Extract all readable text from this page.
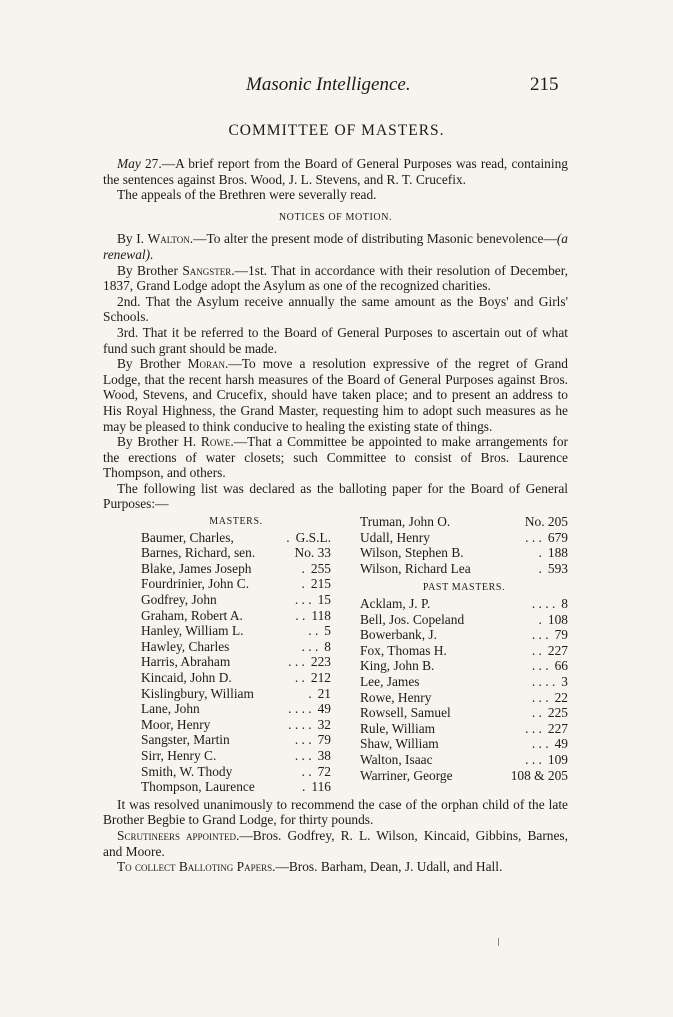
Masonic Intelligence.	215
COMMITTEE OF MASTERS.

May 27.—A brief report from the Board of General Purposes was read, containing the sentences against Bros. Wood, J. L. Stevens, and R. T. Crucefix.

The appeals of the Brethren were severally read.

NOTICES OF MOTION.

By I. Walton.—To alter the present mode of distributing Masonic benevolence—(a renewal).

By Brother Sangster.—1st. That in accordance with their resolution of December, 1837, Grand Lodge adopt the Asylum as one of the recognized charities.

2nd. That the Asylum receive annually the same amount as the Boys' and Girls' Schools.

3rd. That it be referred to the Board of General Purposes to ascertain out of what fund such grant should be made.

By Brother Moran.—To move a resolution expressive of the regret of Grand Lodge, that the recent harsh measures of the Board of General Purposes against Bros. Wood, Stevens, and Crucefix, should have taken place; and to present an address to His Royal Highness, the Grand Master, requesting him to adopt such measures as he may be pleased to think conducive to healing the existing state of things.

By Brother H. Rowe.—That a Committee be appointed to make arrangements for the erections of water closets; such Committee to consist of Bros. Laurence Thompson, and others.

The following list was declared as the balloting paper for the Board of General Purposes:—

MASTERS.
Baumer, Charles,	. G.S.L.
Barnes, Richard, sen.	No. 33
Blake, James Joseph	. 255
Fourdrinier, John C.	. 215
Godfrey, John	. . . 15
Graham, Robert A.	. . 118
Hanley, William L.	. . 5
Hawley, Charles	. . . 8
Harris, Abraham	. . . 223
Kincaid, John D.	. . 212
Kislingbury, William	. 21
Lane, John	. . . . 49
Moor, Henry	. . . . 32
Sangster, Martin	. . . 79
Sirr, Henry C.	. . . 38
Smith, W. Thody	. . 72
Thompson, Laurence	. 116
Truman, John O.	No. 205
Udall, Henry	. . . 679
Wilson, Stephen B.	. 188
Wilson, Richard Lea	. 593
PAST MASTERS.
Acklam, J. P.	. . . . 8
Bell, Jos. Copeland	. 108
Bowerbank, J.	. . . 79
Fox, Thomas H.	. . 227
King, John B.	. . . 66
Lee, James	. . . . 3
Rowe, Henry	. . . 22
Rowsell, Samuel	. . 225
Rule, William	. . . 227
Shaw, William	. . . 49
Walton, Isaac	. . . 109
Warriner, George	108 & 205

It was resolved unanimously to recommend the case of the orphan child of the late Brother Begbie to Grand Lodge, for thirty pounds.

Scrutineers appointed.—Bros. Godfrey, R. L. Wilson, Kincaid, Gibbins, Barnes, and Moore.

To collect Balloting Papers.—Bros. Barham, Dean, J. Udall, and Hall.
